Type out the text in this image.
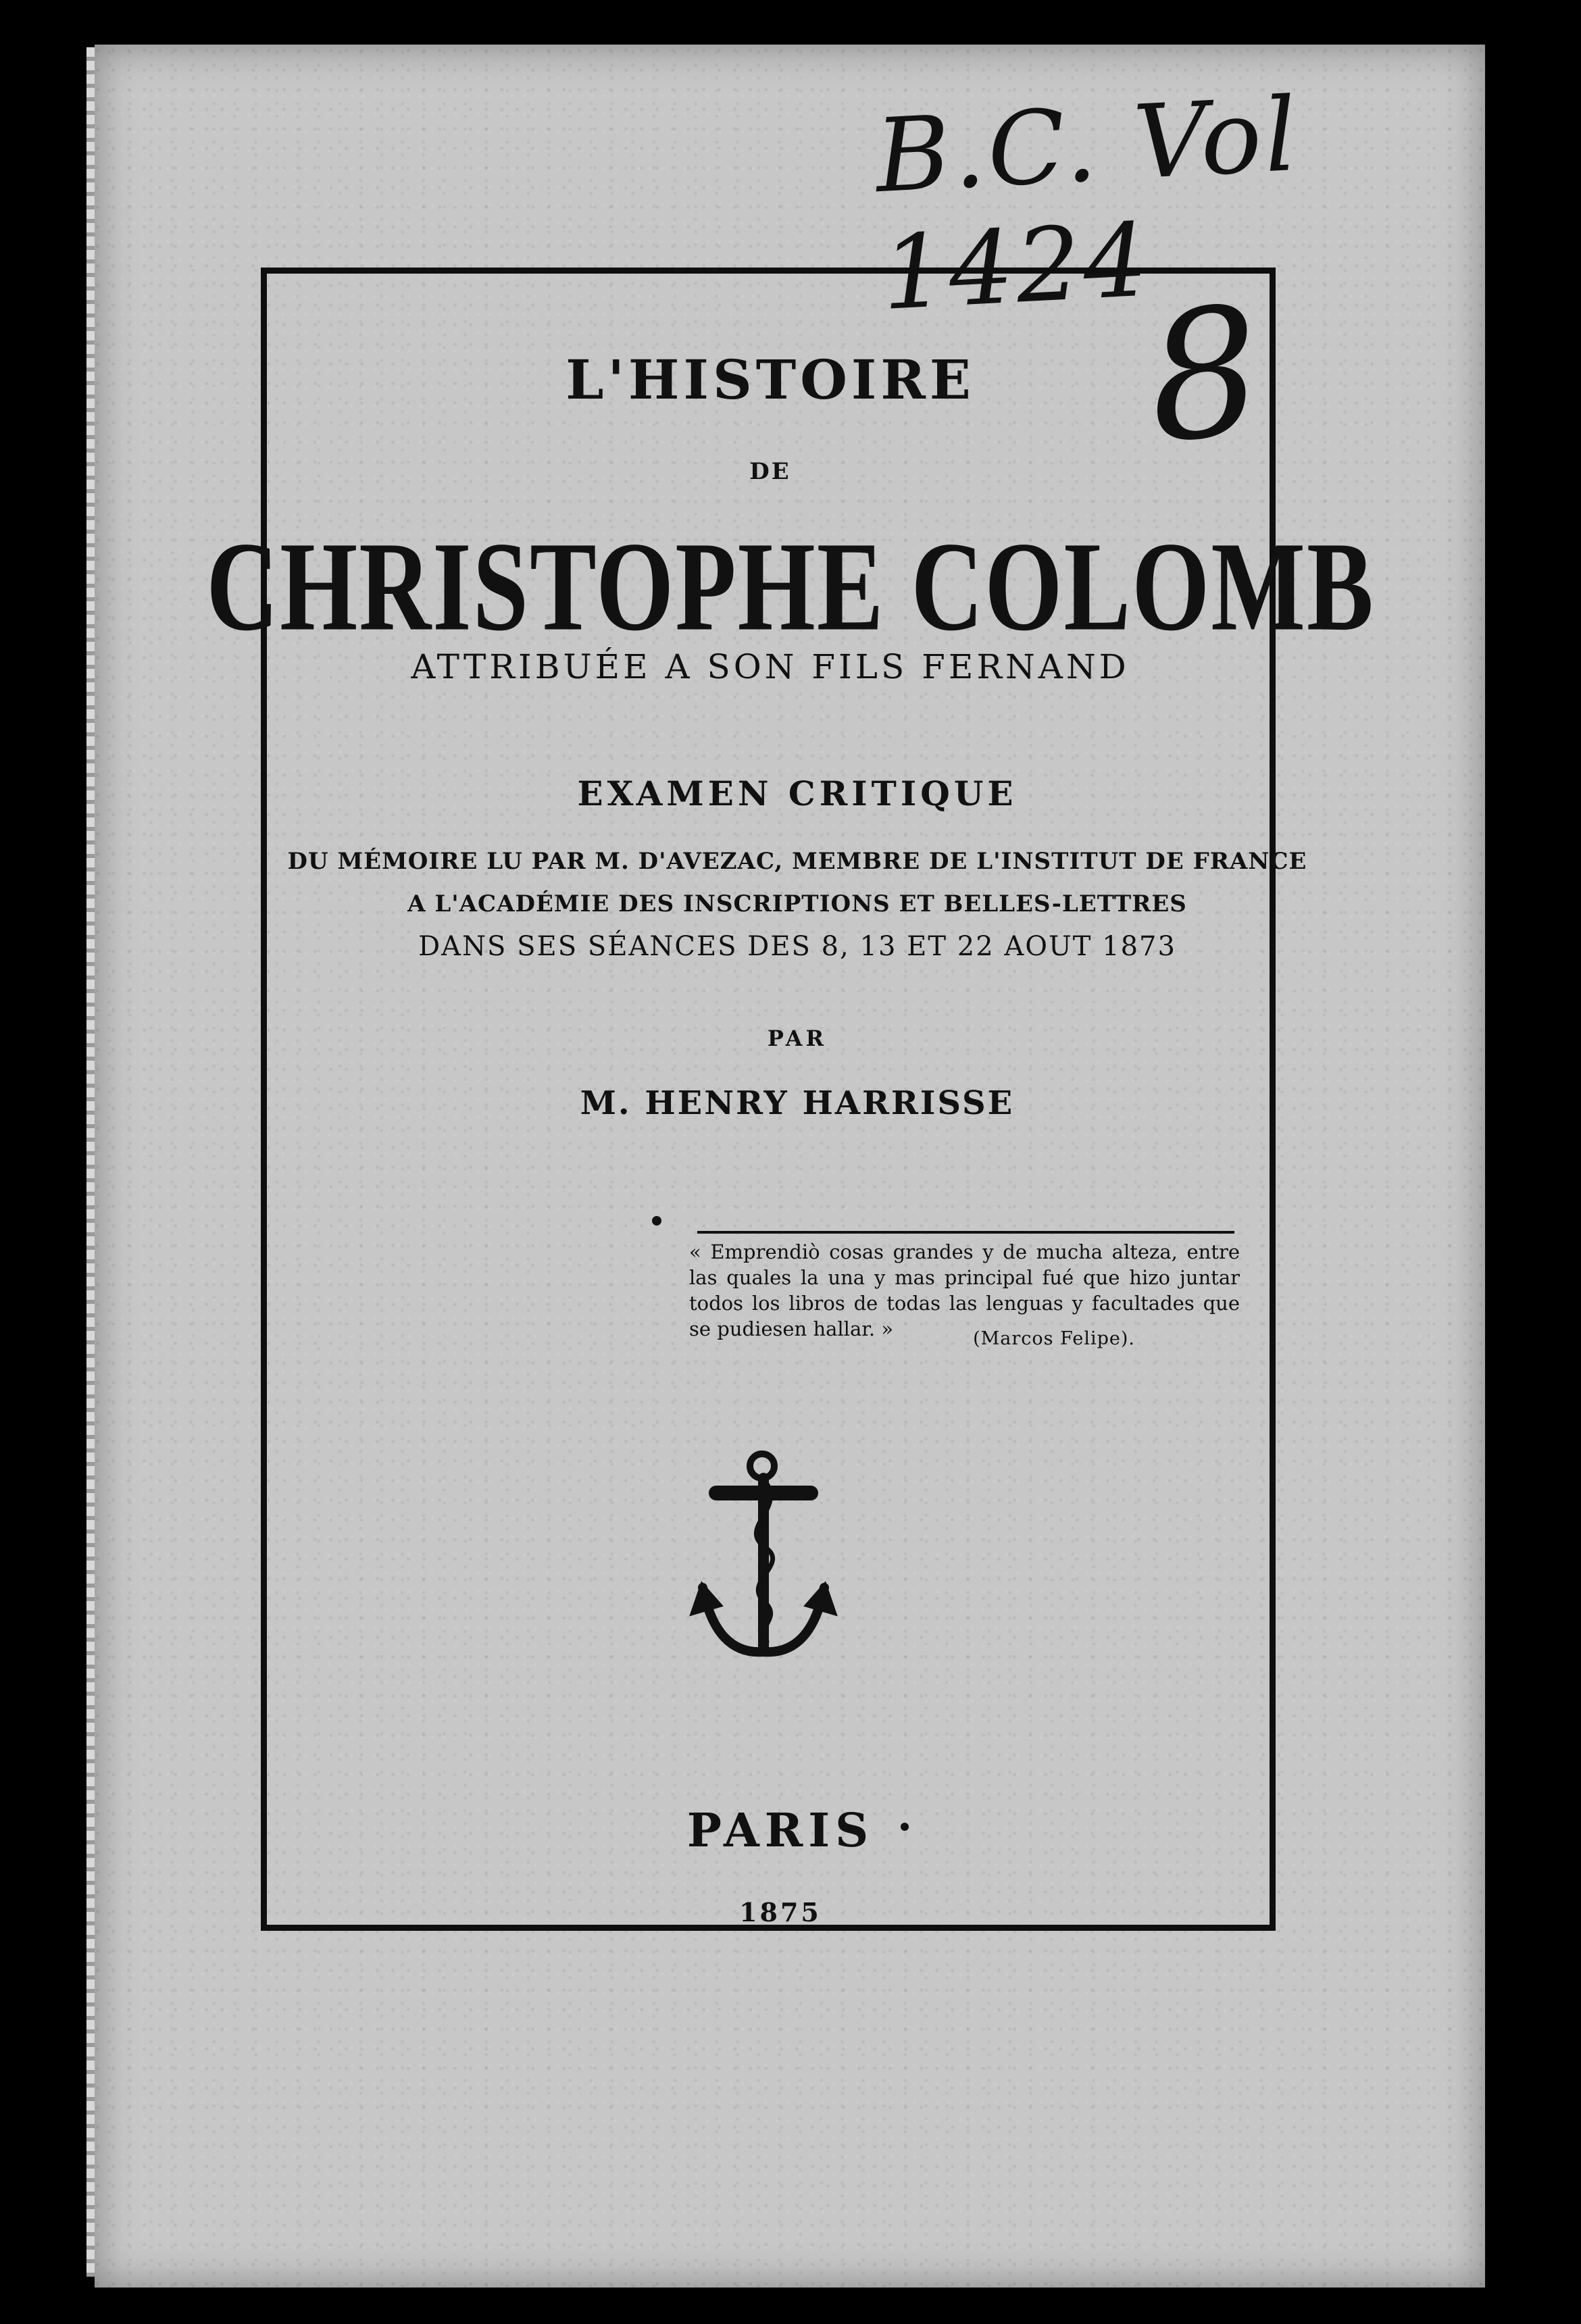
B.C. Vol 1424
8
L'HISTOIRE
DE
CHRISTOPHE COLOMB
ATTRIBUÉE A SON FILS FERNAND
EXAMEN CRITIQUE
DU MÉMOIRE LU PAR M. D'AVEZAC, MEMBRE DE L'INSTITUT DE FRANCE
A L'ACADÉMIE DES INSCRIPTIONS ET BELLES-LETTRES
DANS SES SÉANCES DES 8, 13 ET 22 AOUT 1873
PAR
M. HENRY HARRISSE
« Emprendiò cosas grandes y de mucha alteza, entre las quales la una y mas principal fué que hizo juntar todos los libros de todas las lenguas y facultades que se pudiesen hallar. »	(Marcos Felipe).
PARIS
1875
